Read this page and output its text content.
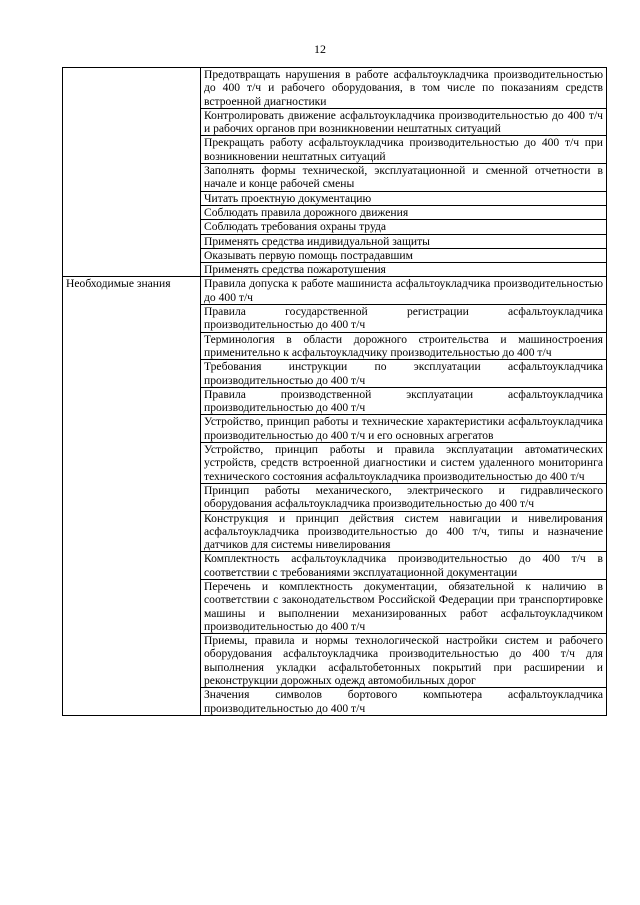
12
	Предотвращать нарушения в работе асфальтоукладчика производительностью до 400 т/ч и рабочего оборудования, в том числе по показаниям средств встроенной диагностики
	Контролировать движение асфальтоукладчика производительностью до 400 т/ч и рабочих органов при возникновении нештатных ситуаций
	Прекращать работу асфальтоукладчика производительностью до 400 т/ч при возникновении нештатных ситуаций
	Заполнять формы технической, эксплуатационной и сменной отчетности в начале и конце рабочей смены
	Читать проектную документацию
	Соблюдать правила дорожного движения
	Соблюдать требования охраны труда
	Применять средства индивидуальной защиты
	Оказывать первую помощь пострадавшим
	Применять средства пожаротушения

Необходимые знания	Правила допуска к работе машиниста асфальтоукладчика производительностью до 400 т/ч
	Правила государственной регистрации асфальтоукладчика производительностью до 400 т/ч
	Терминология в области дорожного строительства и машиностроения применительно к асфальтоукладчику производительностью до 400 т/ч
	Требования инструкции по эксплуатации асфальтоукладчика производительностью до 400 т/ч
	Правила производственной эксплуатации асфальтоукладчика производительностью до 400 т/ч
	Устройство, принцип работы и технические характеристики асфальтоукладчика производительностью до 400 т/ч и его основных агрегатов
	Устройство, принцип работы и правила эксплуатации автоматических устройств, средств встроенной диагностики и систем удаленного мониторинга технического состояния асфальтоукладчика производительностью до 400 т/ч
	Принцип работы механического, электрического и гидравлического оборудования асфальтоукладчика производительностью до 400 т/ч
	Конструкция и принцип действия систем навигации и нивелирования асфальтоукладчика производительностью до 400 т/ч, типы и назначение датчиков для системы нивелирования
	Комплектность асфальтоукладчика производительностью до 400 т/ч в соответствии с требованиями эксплуатационной документации
	Перечень и комплектность документации, обязательной к наличию в соответствии с законодательством Российской Федерации при транспортировке машины и выполнении механизированных работ асфальтоукладчиком производительностью до 400 т/ч
	Приемы, правила и нормы технологической настройки систем и рабочего оборудования асфальтоукладчика производительностью до 400 т/ч для выполнения укладки асфальтобетонных покрытий при расширении и реконструкции дорожных одежд автомобильных дорог
	Значения символов бортового компьютера асфальтоукладчика производительностью до 400 т/ч
